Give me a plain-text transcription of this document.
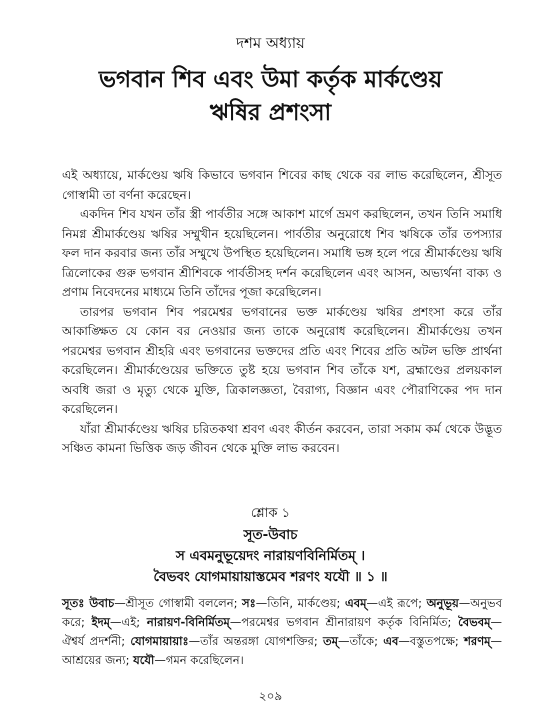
দশম অধ্যায়
ভগবান শিব এবং উমা কর্তৃক মার্কণ্ডেয়
ঋষির প্রশংসা

এই অধ্যায়ে, মার্কণ্ডেয় ঋষি কিভাবে ভগবান শিবের কাছ থেকে বর লাভ করেছিলেন, শ্রীসূত গোস্বামী তা বর্ণনা করেছেন।

একদিন শিব যখন তাঁর স্ত্রী পার্বতীর সঙ্গে আকাশ মার্গে ভ্রমণ করছিলেন, তখন তিনি সমাধি নিমগ্ন শ্রীমার্কণ্ডেয় ঋষির সম্মুখীন হয়েছিলেন। পার্বতীর অনুরোধে শিব ঋষিকে তাঁর তপস্যার ফল দান করবার জন্য তাঁর সম্মুখে উপস্থিত হয়েছিলেন। সমাধি ভঙ্গ হলে পরে শ্রীমার্কণ্ডেয় ঋষি ত্রিলোকের গুরু ভগবান শ্রীশিবকে পার্বতীসহ দর্শন করেছিলেন এবং আসন, অভ্যর্থনা বাক্য ও প্রণাম নিবেদনের মাধ্যমে তিনি তাঁদের পূজা করেছিলেন।

তারপর ভগবান শিব পরমেশ্বর ভগবানের ভক্ত মার্কণ্ডেয় ঋষির প্রশংসা করে তাঁর আকাঙ্ক্ষিত যে কোন বর নেওয়ার জন্য তাকে অনুরোধ করেছিলেন। শ্রীমার্কণ্ডেয় তখন পরমেশ্বর ভগবান শ্রীহরি এবং ভগবানের ভক্তদের প্রতি এবং শিবের প্রতি অটল ভক্তি প্রার্থনা করেছিলেন। শ্রীমার্কণ্ডেয়ের ভক্তিতে তুষ্ট হয়ে ভগবান শিব তাঁকে যশ, ব্রহ্মাণ্ডের প্রলয়কাল অবধি জরা ও মৃত্যু থেকে মুক্তি, ত্রিকালজ্ঞতা, বৈরাগ্য, বিজ্ঞান এবং পৌরাণিকের পদ দান করেছিলেন।

যাঁরা শ্রীমার্কণ্ডেয় ঋষির চরিতকথা শ্রবণ এবং কীর্তন করবেন, তারা সকাম কর্ম থেকে উদ্ভূত সঞ্চিত কামনা ভিত্তিক জড় জীবন থেকে মুক্তি লাভ করবেন।

শ্লোক ১
সূত-উবাচ
স এবমনুভূয়েদং নারায়ণবিনির্মিতম্ ।
বৈভবং যোগমায়ায়াস্তমেব শরণং যযৌ ॥ ১ ॥
সূতঃ উবাচ—শ্রীসূত গোস্বামী বললেন; সঃ—তিনি, মার্কণ্ডেয়; এবম্—এই রূপে; অনুভূয়—অনুভব করে; ইদম্—এই; নারায়ণ-বিনির্মিতম্—পরমেশ্বর ভগবান শ্রীনারায়ণ কর্তৃক বিনির্মিত; বৈভবম্—ঐশ্বর্য প্রদর্শনী; যোগমায়ায়াঃ—তাঁর অন্তরঙ্গা যোগশক্তির; তম্—তাঁকে; এব—বস্তুতপক্ষে; শরণম্—আশ্রয়ের জন্য; যযৌ—গমন করেছিলেন।
২০৯
